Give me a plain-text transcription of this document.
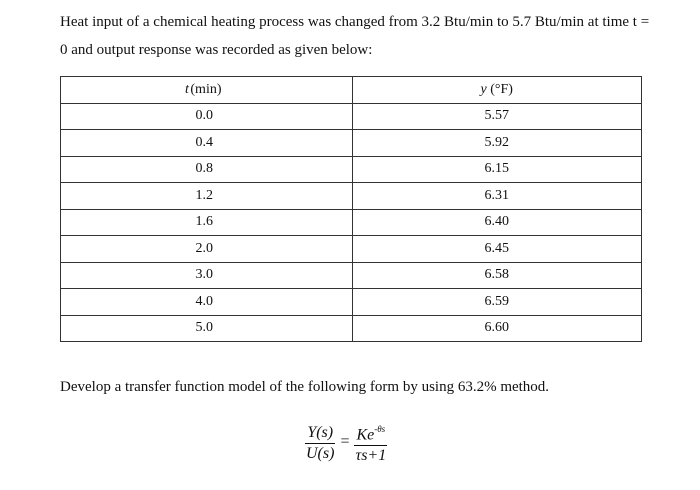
Heat input of a chemical heating process was changed from 3.2 Btu/min to 5.7 Btu/min at time t =
0 and output response was recorded as given below:
t (min)	y (°F)
0.0	5.57
0.4	5.92
0.8	6.15
1.2	6.31
1.6	6.40
2.0	6.45
3.0	6.58
4.0	6.59
5.0	6.60
Develop a transfer function model of the following form by using 63.2% method.
$\frac{Y(s)}{U(s)} = \frac{Ke^{-\theta s}}{\tau s+1}$
